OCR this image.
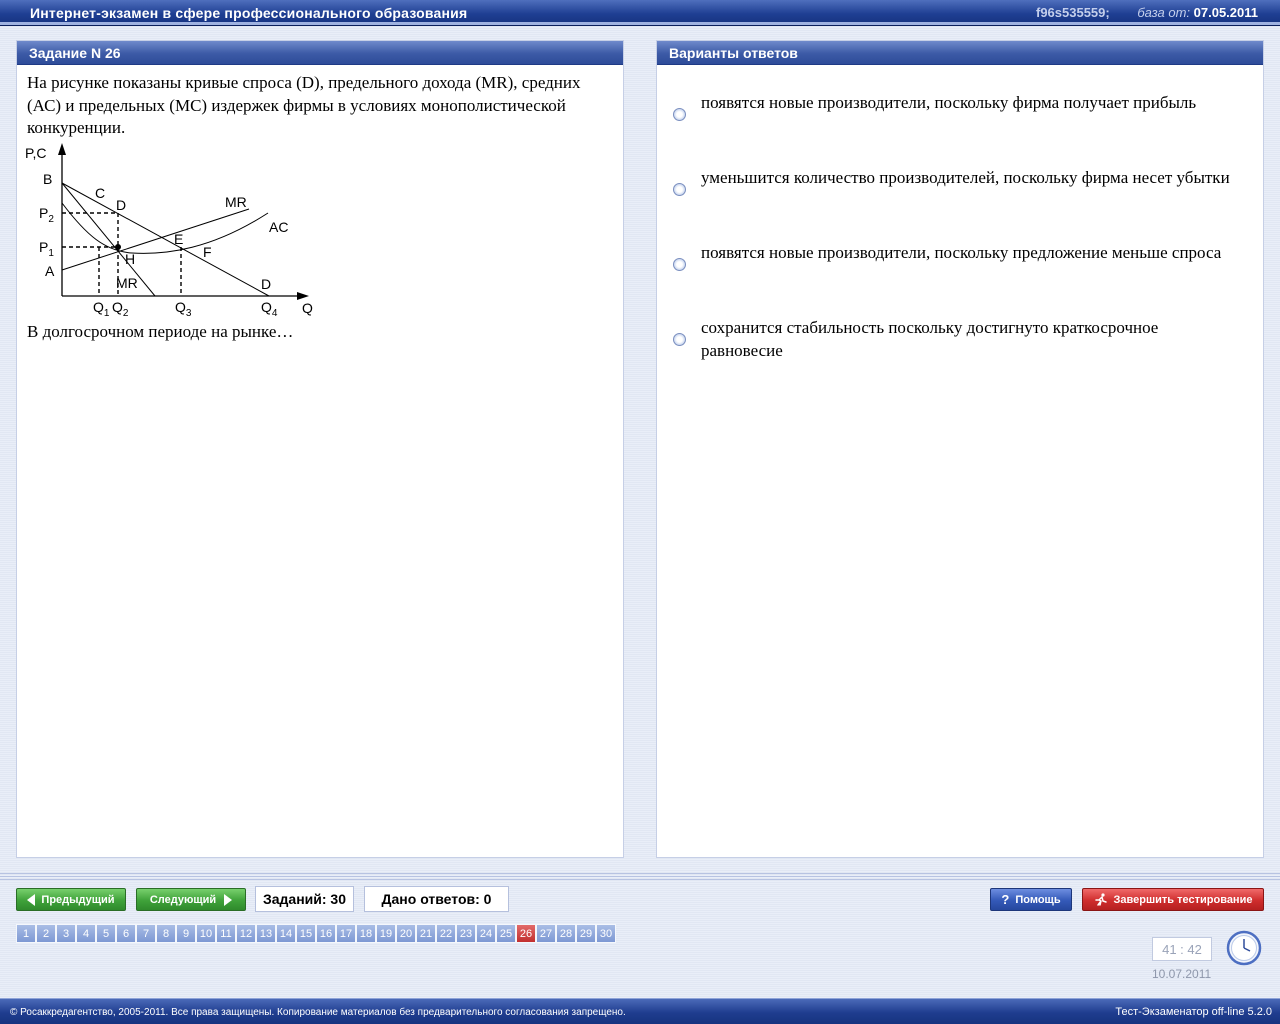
Интернет-экзамен в сфере профессионального образования	f96s535559; база от: 07.05.2011
Задание N 26
На рисунке показаны кривые спроса (D), предельного дохода (MR), средних (АС) и предельных (МС) издержек фирмы в условиях монополистической конкуренции.
P,C
B
A
$P_2$
$P_1$
C
D	MR
AC
E
F
H
MR	D
$Q_1$ $Q_2$	$Q_3$	$Q_4$ Q
В долгосрочном периоде на рынке…
Варианты ответов
появятся новые производители, поскольку фирма получает прибыль
уменьшится количество производителей, поскольку фирма несет убытки
появятся новые производители, поскольку предложение меньше спроса
сохранится стабильность поскольку достигнуто краткосрочное равновесие
Предыдущий	Следующий	Заданий: 30	Дано ответов: 0	? Помощь	Завершить тестирование
1	2	3	4	5	6	7	8	9 10 11 12 13 14 15 16 17 18 19 20 21 22 23 24 25 26 27 28 29 30
41 : 42
10.07.2011
© Росаккредагентство, 2005-2011. Все права защищены. Копирование материалов без предварительного согласования запрещено.	Тест-Экзаменатор off-line 5.2.0
